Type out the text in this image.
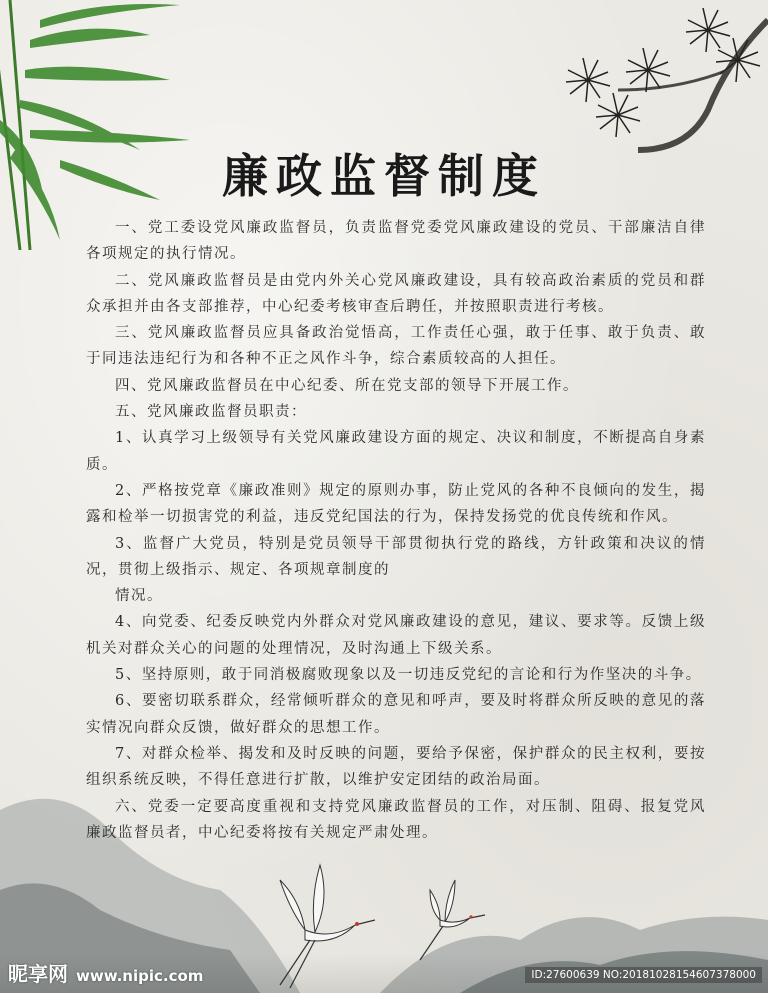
廉政监督制度

一、党工委设党风廉政监督员，负责监督党委党风廉政建设的党员、干部廉洁自律各项规定的执行情况。

二、党风廉政监督员是由党内外关心党风廉政建设，具有较高政治素质的党员和群众承担并由各支部推荐，中心纪委考核审查后聘任，并按照职责进行考核。

三、党风廉政监督员应具备政治觉悟高，工作责任心强，敢于任事、敢于负责、敢于同违法违纪行为和各种不正之风作斗争，综合素质较高的人担任。

四、党风廉政监督员在中心纪委、所在党支部的领导下开展工作。

五、党风廉政监督员职责：

1、认真学习上级领导有关党风廉政建设方面的规定、决议和制度，不断提高自身素质。

2、严格按党章《廉政准则》规定的原则办事，防止党风的各种不良倾向的发生，揭露和检举一切损害党的利益，违反党纪国法的行为，保持发扬党的优良传统和作风。

3、监督广大党员，特别是党员领导干部贯彻执行党的路线，方针政策和决议的情况，贯彻上级指示、规定、各项规章制度的

情况。

4、向党委、纪委反映党内外群众对党风廉政建设的意见，建议、要求等。反馈上级机关对群众关心的问题的处理情况，及时沟通上下级关系。

5、坚持原则，敢于同消极腐败现象以及一切违反党纪的言论和行为作坚决的斗争。

6、要密切联系群众，经常倾听群众的意见和呼声，要及时将群众所反映的意见的落实情况向群众反馈，做好群众的思想工作。

7、对群众检举、揭发和及时反映的问题，要给予保密，保护群众的民主权利，要按组织系统反映，不得任意进行扩散，以维护安定团结的政治局面。

六、党委一定要高度重视和支持党风廉政监督员的工作，对压制、阻碍、报复党风廉政监督员者，中心纪委将按有关规定严肃处理。

昵享网 www.nipic.com	ID:27600639 NO:20181028154607378000
